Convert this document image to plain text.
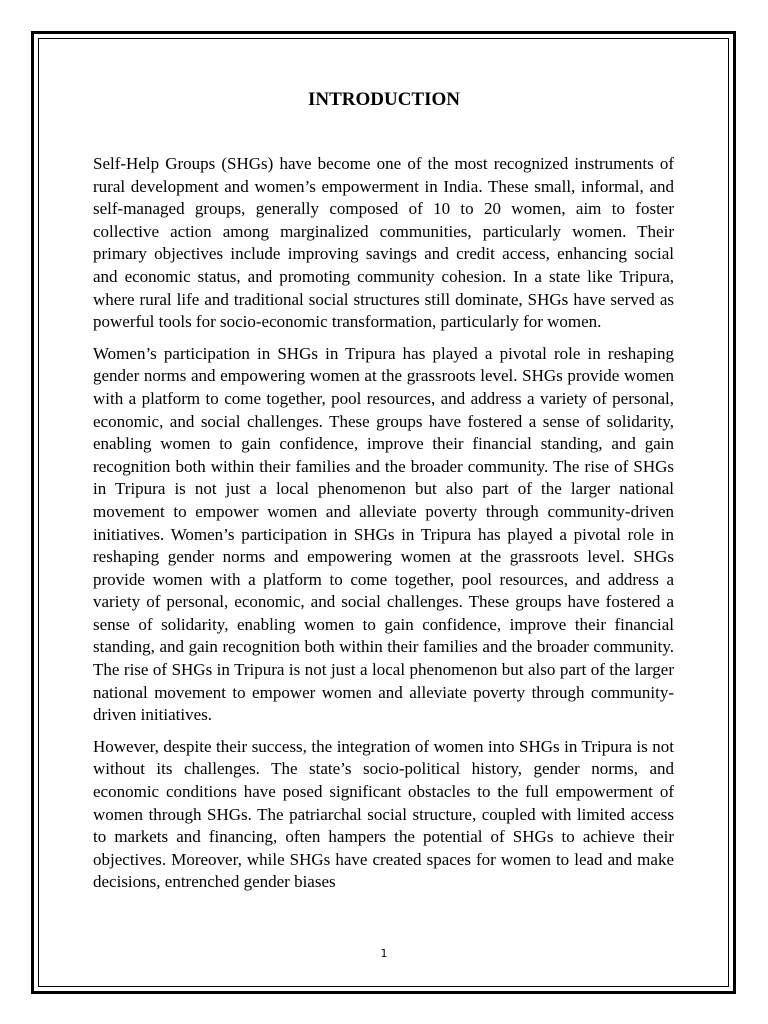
INTRODUCTION

Self-Help Groups (SHGs) have become one of the most recognized instruments of rural development and women’s empowerment in India. These small, informal, and self-managed groups, generally composed of 10 to 20 women, aim to foster collective action among marginalized communities, particularly women. Their primary objectives include improving savings and credit access, enhancing social and economic status, and promoting community cohesion. In a state like Tripura, where rural life and traditional social structures still dominate, SHGs have served as powerful tools for socio-economic transformation, particularly for women.

Women’s participation in SHGs in Tripura has played a pivotal role in reshaping gender norms and empowering women at the grassroots level. SHGs provide women with a platform to come together, pool resources, and address a variety of personal, economic, and social challenges. These groups have fostered a sense of solidarity, enabling women to gain confidence, improve their financial standing, and gain recognition both within their families and the broader community. The rise of SHGs in Tripura is not just a local phenomenon but also part of the larger national movement to empower women and alleviate poverty through community-driven initiatives. Women’s participation in SHGs in Tripura has played a pivotal role in reshaping gender norms and empowering women at the grassroots level. SHGs provide women with a platform to come together, pool resources, and address a variety of personal, economic, and social challenges. These groups have fostered a sense of solidarity, enabling women to gain confidence, improve their financial standing, and gain recognition both within their families and the broader community. The rise of SHGs in Tripura is not just a local phenomenon but also part of the larger national movement to empower women and alleviate poverty through community-driven initiatives.

However, despite their success, the integration of women into SHGs in Tripura is not without its challenges. The state’s socio-political history, gender norms, and economic conditions have posed significant obstacles to the full empowerment of women through SHGs. The patriarchal social structure, coupled with limited access to markets and financing, often hampers the potential of SHGs to achieve their objectives. Moreover, while SHGs have created spaces for women to lead and make decisions, entrenched gender biases

1
